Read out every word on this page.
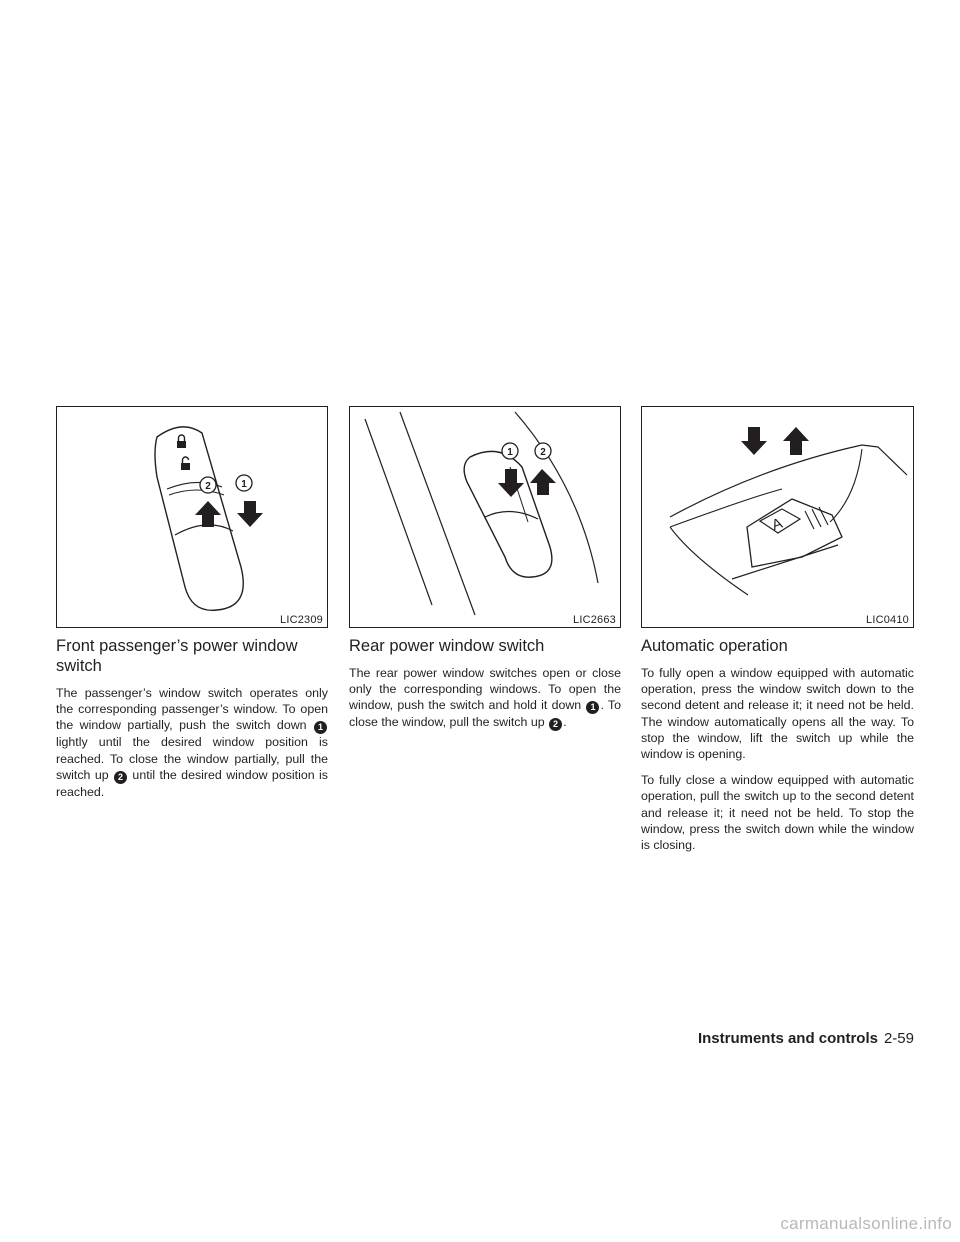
2	1
LIC2309
1	2
LIC2663
A
LIC0410
Front passenger’s power window
switch

The passenger’s window switch operates only the corresponding passenger’s window. To open the window partially, push the switch down 1 lightly until the desired window position is reached. To close the window partially, pull the switch up 2 until the desired window position is reached.

Rear power window switch

The rear power window switches open or close only the corresponding windows. To open the window, push the switch and hold it down 1 . To close the window, pull the switch up 2 .

Automatic operation

To fully open a window equipped with automatic operation, press the window switch down to the second detent and release it; it need not be held. The window automatically opens all the way. To stop the window, lift the switch up while the window is opening.

To fully close a window equipped with automatic operation, pull the switch up to the second detent and release it; it need not be held. To stop the window, press the switch down while the window is closing.

Instruments and controls 2-59
carmanualsonline.info
